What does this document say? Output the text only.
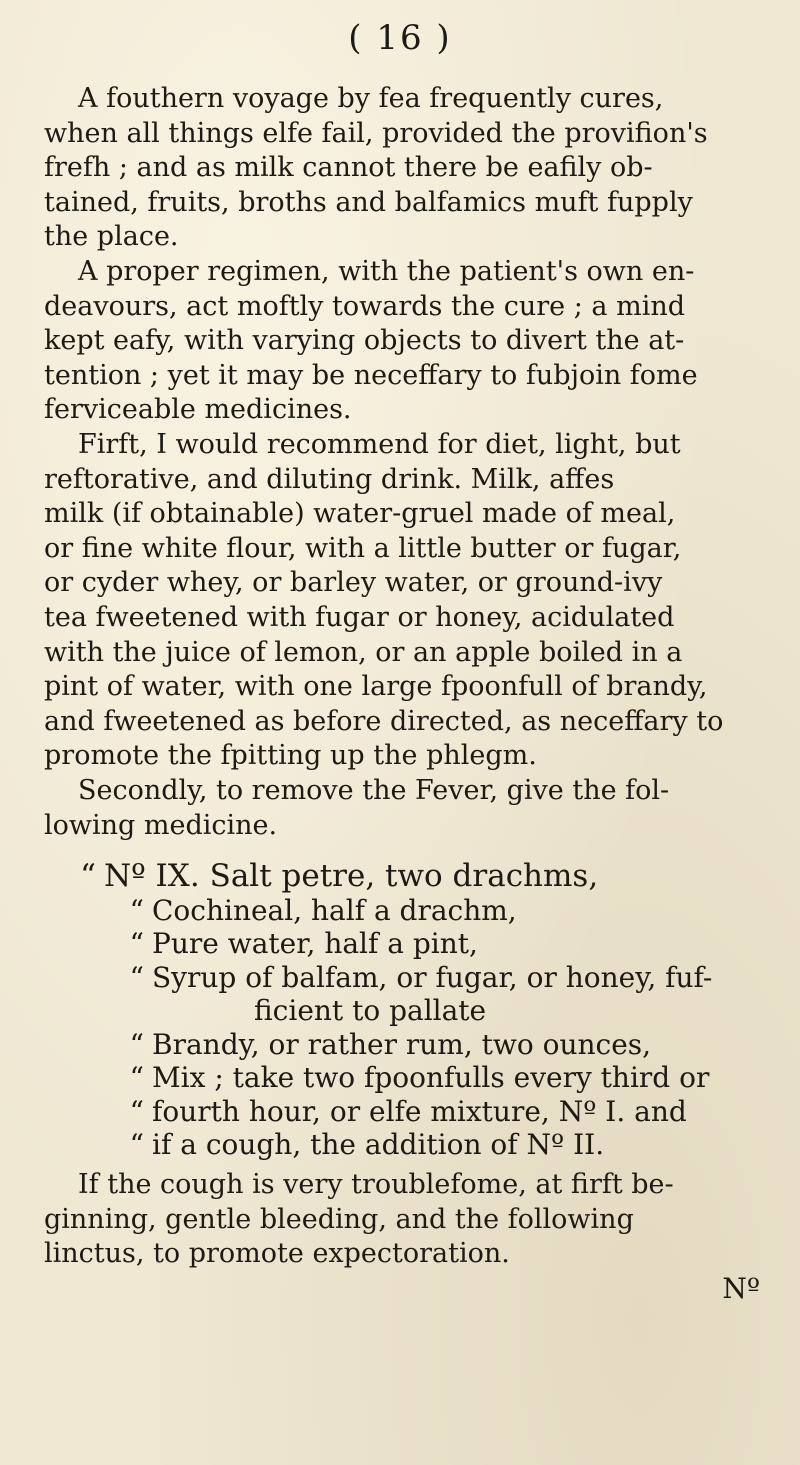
( 16 )
A fouthern voyage by fea frequently cures,
when all things elfe fail, provided the provifion's
frefh ; and as milk cannot there be eafily ob-
tained, fruits, broths and balfamics muft fupply
the place.
A proper regimen, with the patient's own en-
deavours, act moftly towards the cure ; a mind
kept eafy, with varying objects to divert the at-
tention ; yet it may be neceffary to fubjoin fome
ferviceable medicines.
Firft, I would recommend for diet, light, but
reftorative, and diluting drink. Milk, affes
milk (if obtainable) water-gruel made of meal,
or fine white flour, with a little butter or fugar,
or cyder whey, or barley water, or ground-ivy
tea fweetened with fugar or honey, acidulated
with the juice of lemon, or an apple boiled in a
pint of water, with one large fpoonfull of brandy,
and fweetened as before directed, as neceffary to
promote the fpitting up the phlegm.
Secondly, to remove the Fever, give the fol-
lowing medicine.
“ Nº IX. Salt petre, two drachms,
“ Cochineal, half a drachm,
“ Pure water, half a pint,
“ Syrup of balfam, or fugar, or honey, fuf-
ficient to pallate
“ Brandy, or rather rum, two ounces,
“ Mix ; take two fpoonfulls every third or
“ fourth hour, or elfe mixture, Nº I. and
“ if a cough, the addition of Nº II.
If the cough is very troublefome, at firft be-
ginning, gentle bleeding, and the following
linctus, to promote expectoration.
Nº
